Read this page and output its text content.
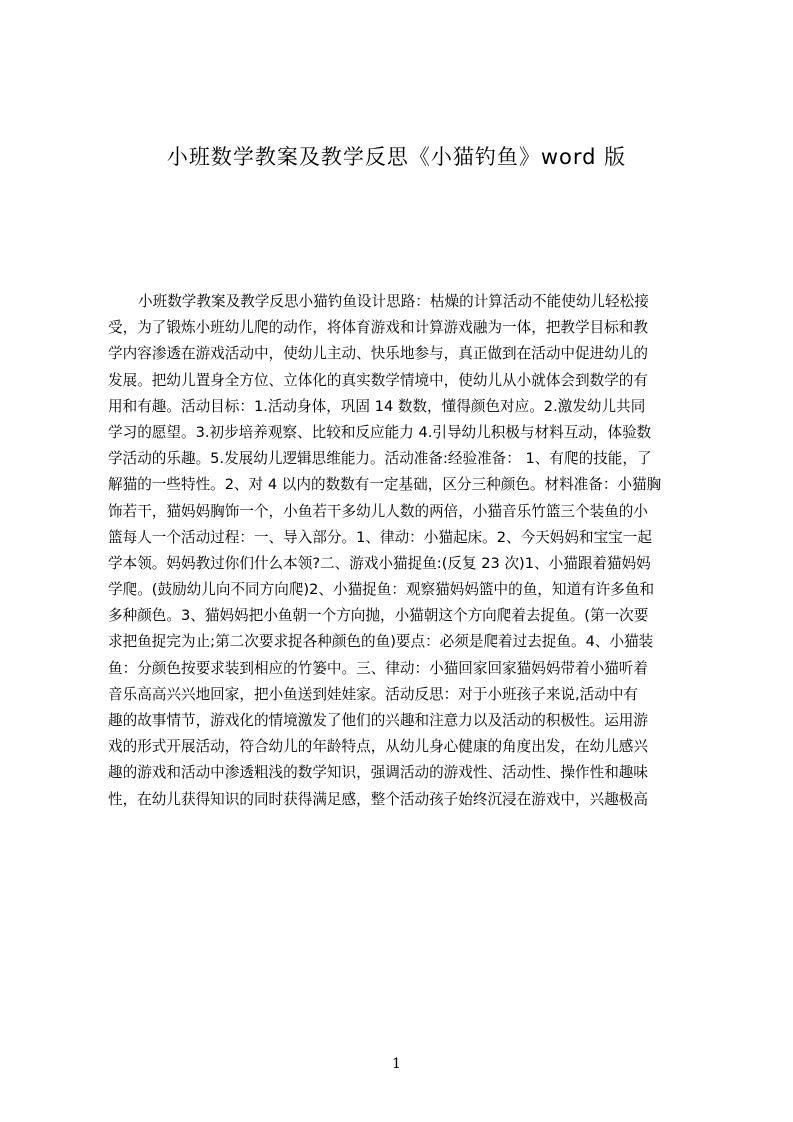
小班数学教案及教学反思《小猫钓鱼》word 版
小班数学教案及教学反思小猫钓鱼设计思路：枯燥的计算活动不能使幼儿轻松接
受，为了锻炼小班幼儿爬的动作，将体育游戏和计算游戏融为一体，把教学目标和教
学内容渗透在游戏活动中，使幼儿主动、快乐地参与，真正做到在活动中促进幼儿的
发展。把幼儿置身全方位、立体化的真实数学情境中，使幼儿从小就体会到数学的有
用和有趣。活动目标：1.活动身体，巩固 14 数数，懂得颜色对应。2.激发幼儿共同
学习的愿望。3.初步培养观察、比较和反应能力 4.引导幼儿积极与材料互动，体验数
学活动的乐趣。5.发展幼儿逻辑思维能力。活动准备:经验准备： 1、有爬的技能，了
解猫的一些特性。2、对 4 以内的数数有一定基础，区分三种颜色。材料准备：小猫胸
饰若干，猫妈妈胸饰一个，小鱼若干多幼儿人数的两倍，小猫音乐竹篮三个装鱼的小
篮每人一个活动过程：一、导入部分。1、律动：小猫起床。2、今天妈妈和宝宝一起
学本领。妈妈教过你们什么本领?二、游戏小猫捉鱼:(反复 23 次)1、小猫跟着猫妈妈
学爬。(鼓励幼儿向不同方向爬)2、小猫捉鱼：观察猫妈妈篮中的鱼，知道有许多鱼和
多种颜色。3、猫妈妈把小鱼朝一个方向抛，小猫朝这个方向爬着去捉鱼。(第一次要
求把鱼捉完为止;第二次要求捉各种颜色的鱼)要点：必须是爬着过去捉鱼。4、小猫装
鱼：分颜色按要求装到相应的竹篓中。三、律动：小猫回家回家猫妈妈带着小猫听着
音乐高高兴兴地回家，把小鱼送到娃娃家。活动反思：对于小班孩子来说,活动中有
趣的故事情节，游戏化的情境激发了他们的兴趣和注意力以及活动的积极性。运用游
戏的形式开展活动，符合幼儿的年龄特点，从幼儿身心健康的角度出发，在幼儿感兴
趣的游戏和活动中渗透粗浅的数学知识，强调活动的游戏性、活动性、操作性和趣味
性，在幼儿获得知识的同时获得满足感，整个活动孩子始终沉浸在游戏中，兴趣极高
1
